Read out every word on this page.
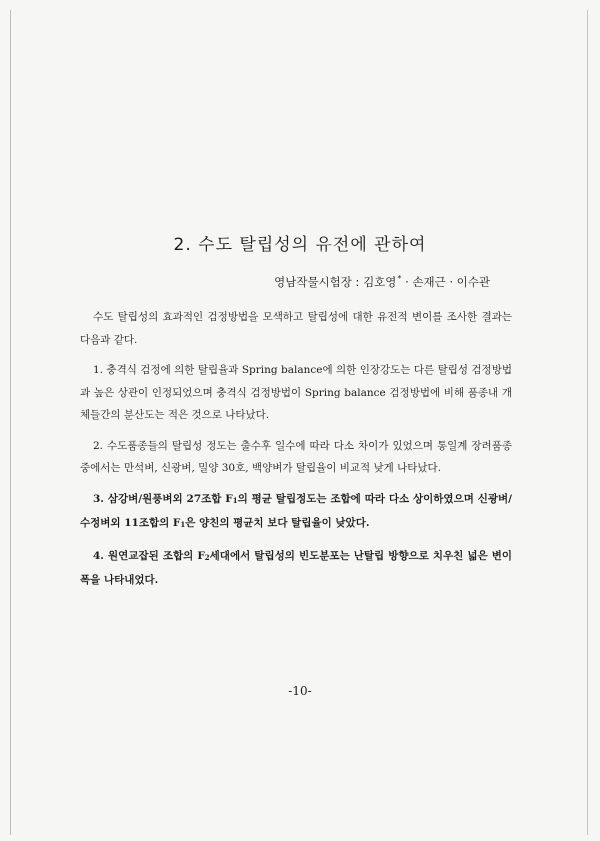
2. 수도 탈립성의 유전에 관하여
영남작물시험장 : 김호영* · 손재근 · 이수관

수도 탈립성의 효과적인 검정방법을 모색하고 탈립성에 대한 유전적 변이를 조사한 결과는 다음과 같다.

1. 충격식 검정에 의한 탈립율과 Spring balance에 의한 인장강도는 다른 탈립성 검정방법과 높은 상관이 인정되었으며 충격식 검정방법이 Spring balance 검정방법에 비해 품종내 개체들간의 분산도는 적은 것으로 나타났다.

2. 수도품종들의 탈립성 정도는 출수후 일수에 따라 다소 차이가 있었으며 통일계 장려품종 중에서는 만석벼, 신광벼, 밀양 30호, 백양벼가 탈립율이 비교적 낮게 나타났다.

3. 삼강벼/원풍벼외 27조합 $F_1$의 평균 탈립정도는 조합에 따라 다소 상이하였으며 신광벼/수정벼외 11조합의 $F_1$은 양친의 평균치 보다 탈립율이 낮았다.

4. 원연교잡된 조합의 $F_2$세대에서 탈립성의 빈도분포는 난탈립 방향으로 치우친 넓은 변이폭을 나타내었다.

-10-
